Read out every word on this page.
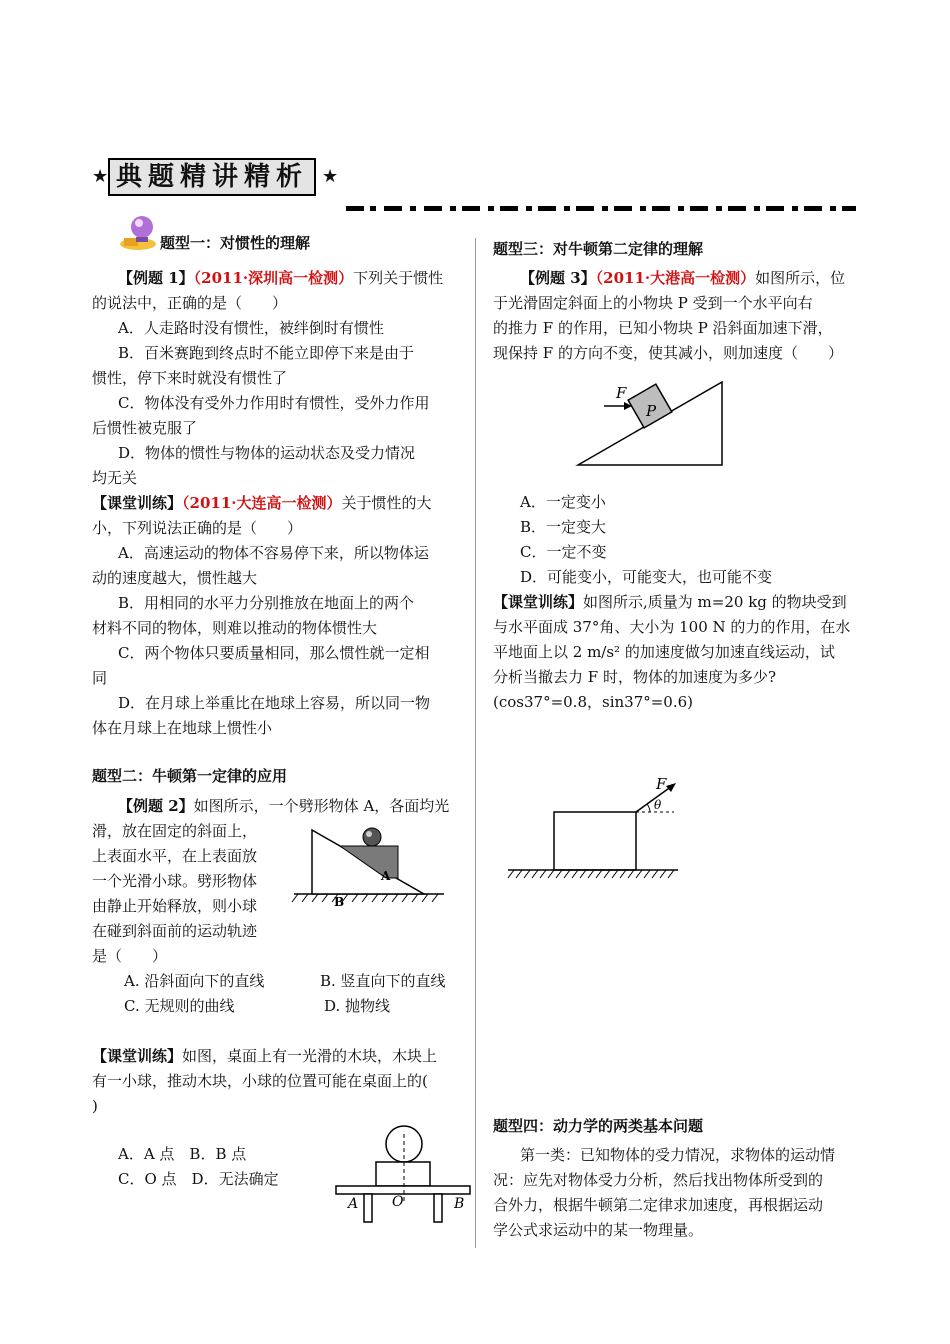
★ 典题精讲精析 ★
题型一：对惯性的理解
【例题 1】（2011·深圳高一检测）下列关于惯性
的说法中，正确的是（　　）
A．人走路时没有惯性，被绊倒时有惯性
B．百米赛跑到终点时不能立即停下来是由于
惯性，停下来时就没有惯性了
C．物体没有受外力作用时有惯性，受外力作用
后惯性被克服了
D．物体的惯性与物体的运动状态及受力情况
均无关
【课堂训练】（2011·大连高一检测）关于惯性的大
小，下列说法正确的是（　　）
A．高速运动的物体不容易停下来，所以物体运
动的速度越大，惯性越大
B．用相同的水平力分别推放在地面上的两个
材料不同的物体，则难以推动的物体惯性大
C．两个物体只要质量相同，那么惯性就一定相
同
D．在月球上举重比在地球上容易，所以同一物
体在月球上在地球上惯性小
题型二：牛顿第一定律的应用
【例题 2】如图所示，一个劈形物体 A，各面均光
滑，放在固定的斜面上，
上表面水平，在上表面放
一个光滑小球。劈形物体
由静止开始释放，则小球
在碰到斜面前的运动轨迹
是（　　）
A. 沿斜面向下的直线	B. 竖直向下的直线
C. 无规则的曲线	D. 抛物线
A
B
【课堂训练】如图，桌面上有一光滑的木块，木块上
有一小球，推动木块，小球的位置可能在桌面上的(
)
A．A 点　B．B 点
C．O 点　D．无法确定
A O	B
题型三：对牛顿第二定律的理解
【例题 3】（2011·大港高一检测）如图所示，位
于光滑固定斜面上的小物块 P 受到一个水平向右
的推力 F 的作用，已知小物块 P 沿斜面加速下滑，
现保持 F 的方向不变，使其减小，则加速度（　　）
F
P
A．一定变小
B．一定变大
C．一定不变
D．可能变小，可能变大，也可能不变
【课堂训练】如图所示,质量为 m=20 kg 的物块受到
与水平面成 37°角、大小为 100 N 的力的作用，在水
平地面上以 2 m/s² 的加速度做匀加速直线运动，试
分析当撤去力 F 时，物体的加速度为多少?
(cos37°=0.8，sin37°=0.6)
F
θ
题型四：动力学的两类基本问题
第一类：已知物体的受力情况，求物体的运动情
况：应先对物体受力分析，然后找出物体所受到的
合外力，根据牛顿第二定律求加速度，再根据运动
学公式求运动中的某一物理量。
